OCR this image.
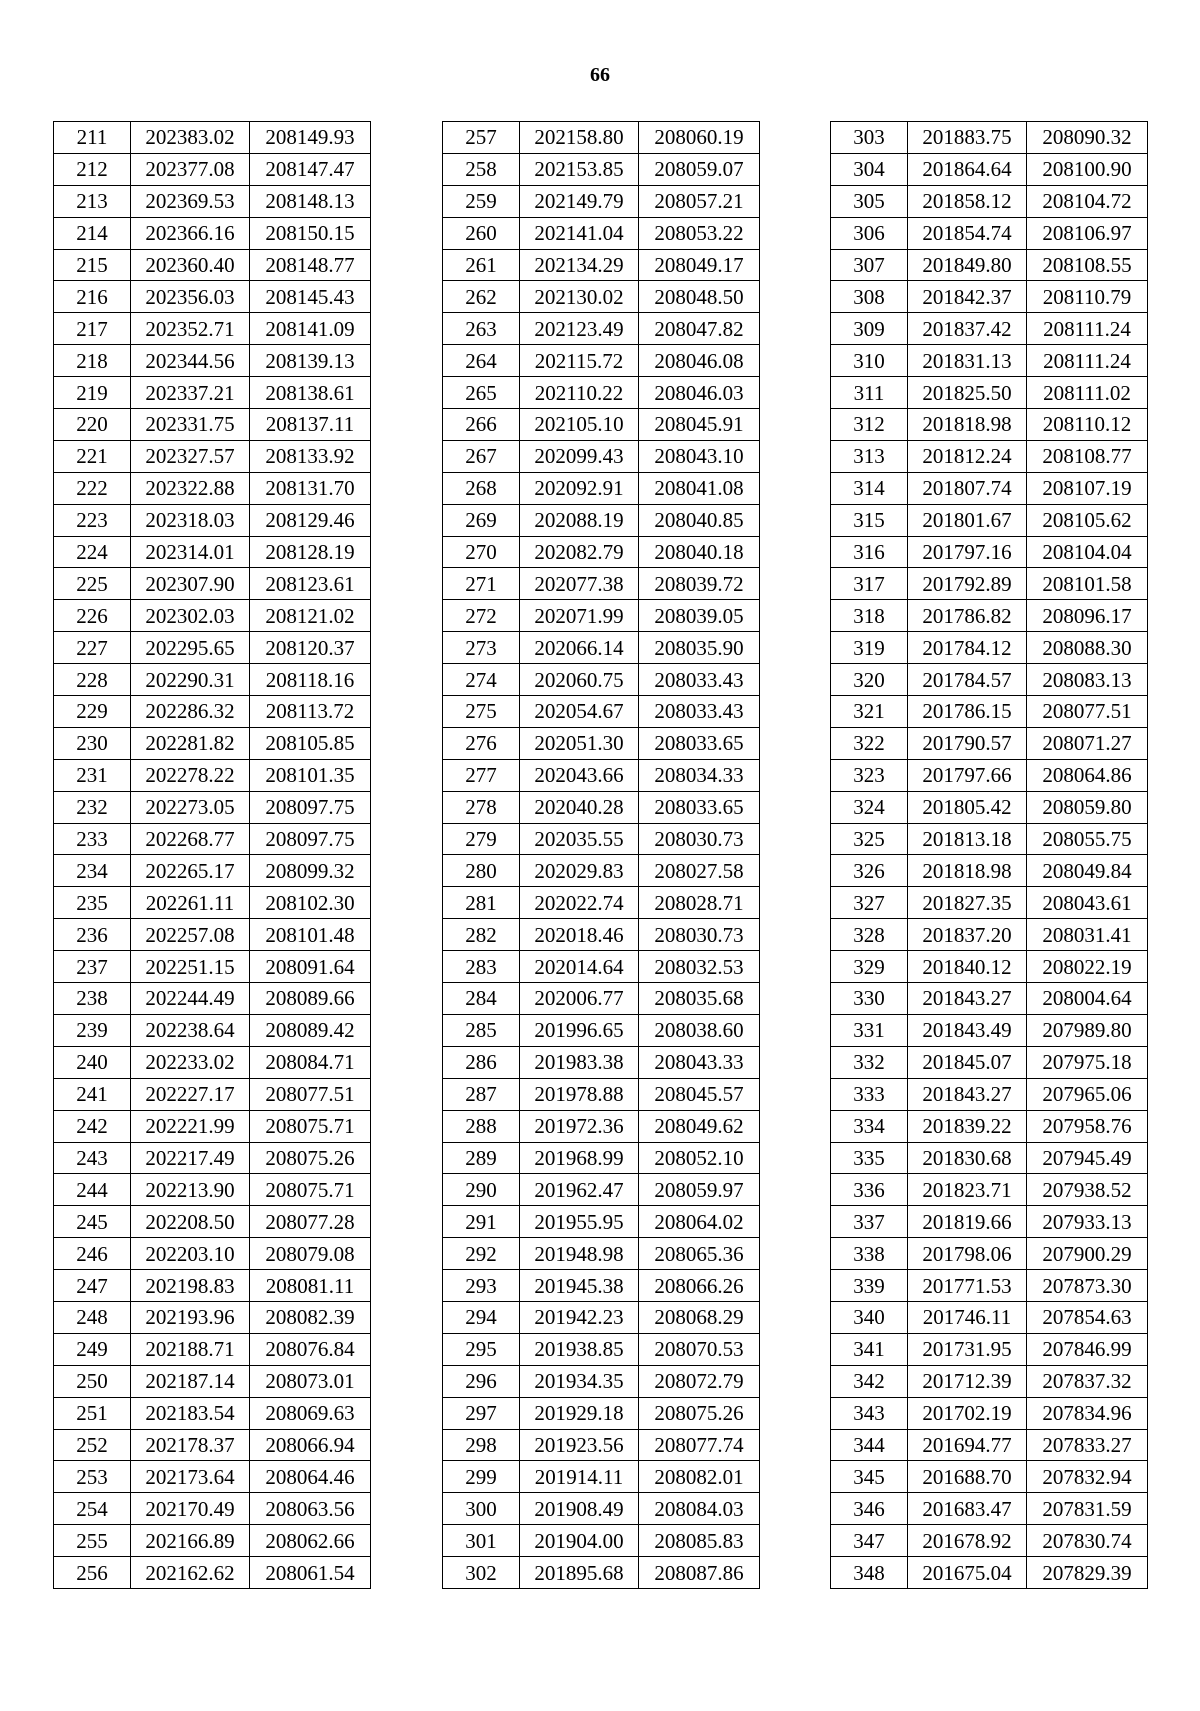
66
211	202383.02	208149.93
212	202377.08	208147.47
213	202369.53	208148.13
214	202366.16	208150.15
215	202360.40	208148.77
216	202356.03	208145.43
217	202352.71	208141.09
218	202344.56	208139.13
219	202337.21	208138.61
220	202331.75	208137.11
221	202327.57	208133.92
222	202322.88	208131.70
223	202318.03	208129.46
224	202314.01	208128.19
225	202307.90	208123.61
226	202302.03	208121.02
227	202295.65	208120.37
228	202290.31	208118.16
229	202286.32	208113.72
230	202281.82	208105.85
231	202278.22	208101.35
232	202273.05	208097.75
233	202268.77	208097.75
234	202265.17	208099.32
235	202261.11	208102.30
236	202257.08	208101.48
237	202251.15	208091.64
238	202244.49	208089.66
239	202238.64	208089.42
240	202233.02	208084.71
241	202227.17	208077.51
242	202221.99	208075.71
243	202217.49	208075.26
244	202213.90	208075.71
245	202208.50	208077.28
246	202203.10	208079.08
247	202198.83	208081.11
248	202193.96	208082.39
249	202188.71	208076.84
250	202187.14	208073.01
251	202183.54	208069.63
252	202178.37	208066.94
253	202173.64	208064.46
254	202170.49	208063.56
255	202166.89	208062.66
256	202162.62	208061.54
257	202158.80	208060.19
258	202153.85	208059.07
259	202149.79	208057.21
260	202141.04	208053.22
261	202134.29	208049.17
262	202130.02	208048.50
263	202123.49	208047.82
264	202115.72	208046.08
265	202110.22	208046.03
266	202105.10	208045.91
267	202099.43	208043.10
268	202092.91	208041.08
269	202088.19	208040.85
270	202082.79	208040.18
271	202077.38	208039.72
272	202071.99	208039.05
273	202066.14	208035.90
274	202060.75	208033.43
275	202054.67	208033.43
276	202051.30	208033.65
277	202043.66	208034.33
278	202040.28	208033.65
279	202035.55	208030.73
280	202029.83	208027.58
281	202022.74	208028.71
282	202018.46	208030.73
283	202014.64	208032.53
284	202006.77	208035.68
285	201996.65	208038.60
286	201983.38	208043.33
287	201978.88	208045.57
288	201972.36	208049.62
289	201968.99	208052.10
290	201962.47	208059.97
291	201955.95	208064.02
292	201948.98	208065.36
293	201945.38	208066.26
294	201942.23	208068.29
295	201938.85	208070.53
296	201934.35	208072.79
297	201929.18	208075.26
298	201923.56	208077.74
299	201914.11	208082.01
300	201908.49	208084.03
301	201904.00	208085.83
302	201895.68	208087.86
303	201883.75	208090.32
304	201864.64	208100.90
305	201858.12	208104.72
306	201854.74	208106.97
307	201849.80	208108.55
308	201842.37	208110.79
309	201837.42	208111.24
310	201831.13	208111.24
311	201825.50	208111.02
312	201818.98	208110.12
313	201812.24	208108.77
314	201807.74	208107.19
315	201801.67	208105.62
316	201797.16	208104.04
317	201792.89	208101.58
318	201786.82	208096.17
319	201784.12	208088.30
320	201784.57	208083.13
321	201786.15	208077.51
322	201790.57	208071.27
323	201797.66	208064.86
324	201805.42	208059.80
325	201813.18	208055.75
326	201818.98	208049.84
327	201827.35	208043.61
328	201837.20	208031.41
329	201840.12	208022.19
330	201843.27	208004.64
331	201843.49	207989.80
332	201845.07	207975.18
333	201843.27	207965.06
334	201839.22	207958.76
335	201830.68	207945.49
336	201823.71	207938.52
337	201819.66	207933.13
338	201798.06	207900.29
339	201771.53	207873.30
340	201746.11	207854.63
341	201731.95	207846.99
342	201712.39	207837.32
343	201702.19	207834.96
344	201694.77	207833.27
345	201688.70	207832.94
346	201683.47	207831.59
347	201678.92	207830.74
348	201675.04	207829.39
